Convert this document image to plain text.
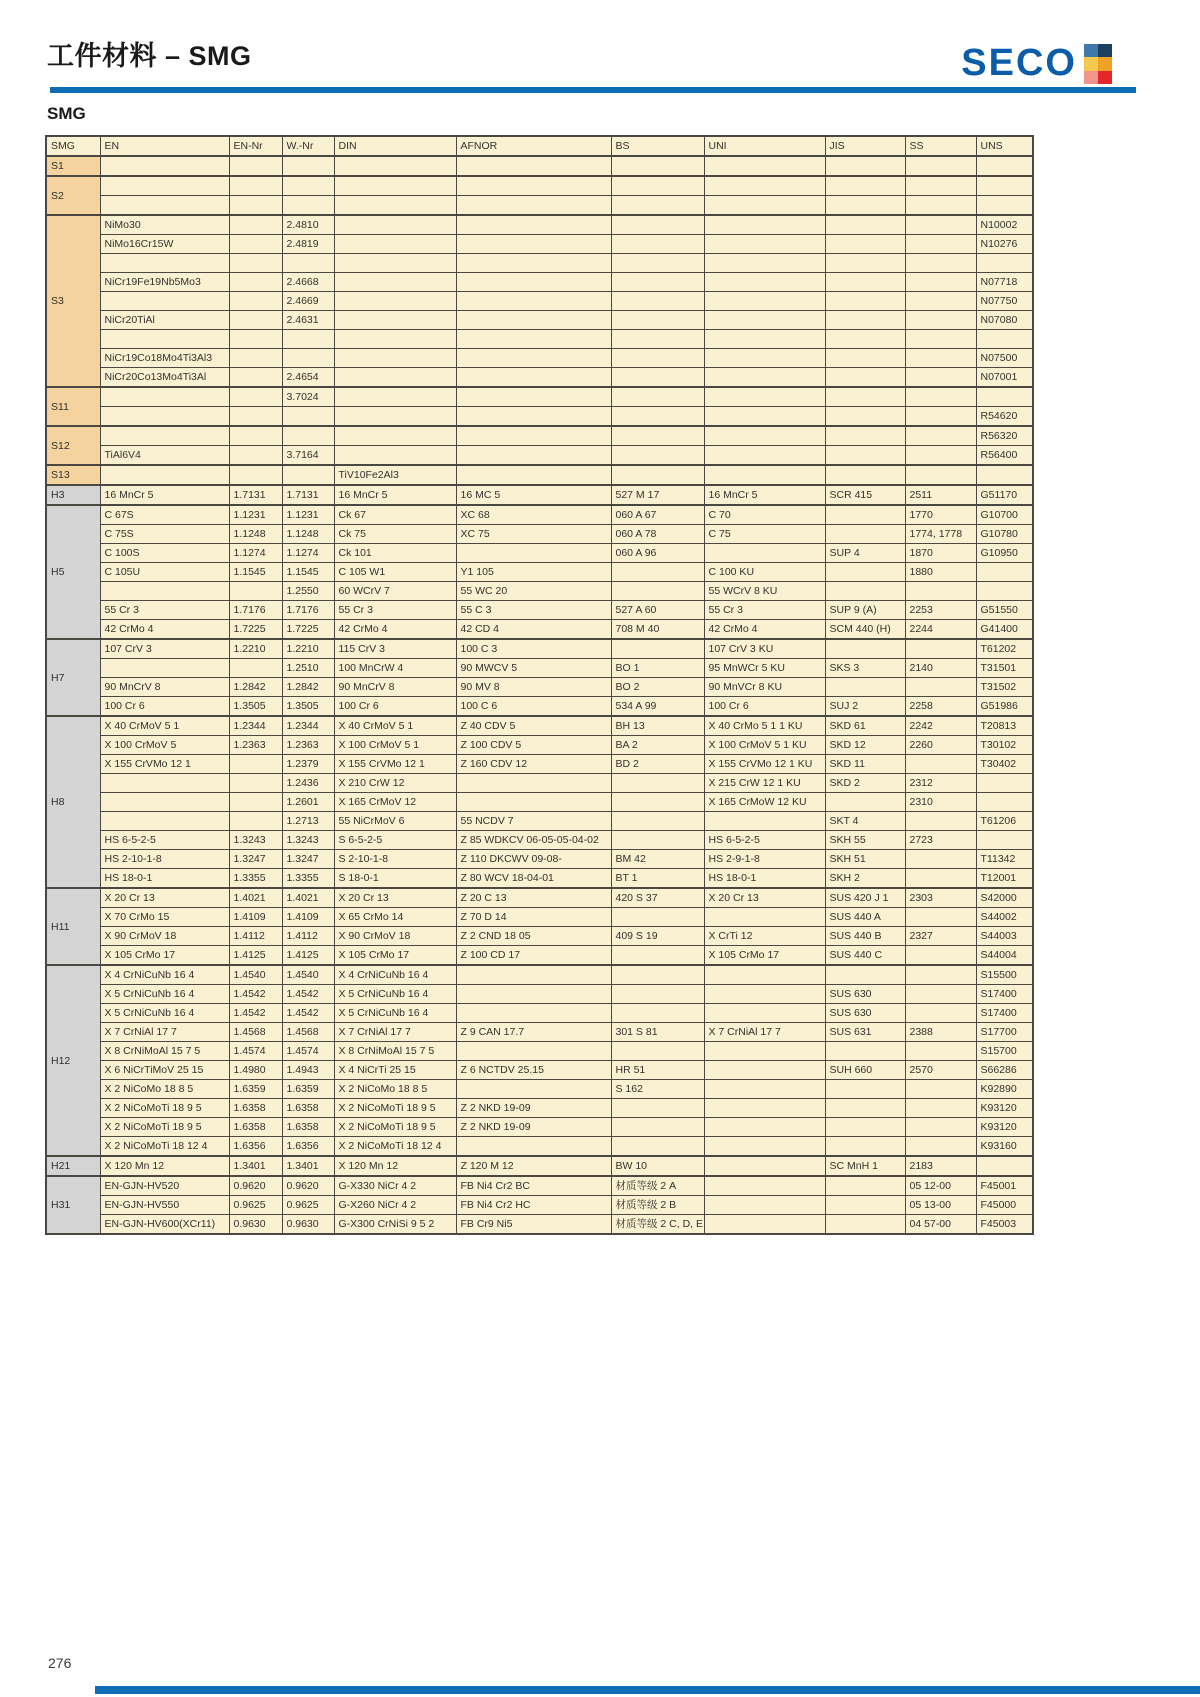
工件材料 – SMG	SECO
SMG
SMG	EN	EN-Nr	W.-Nr	DIN	AFNOR	BS	UNI	JIS	SS	UNS
S1										
S2										

S3	NiMo30		2.4810							N10002
	NiMo16Cr15W		2.4819							N10276

	NiCr19Fe19Nb5Mo3		2.4668							N07718
			2.4669							N07750
	NiCr20TiAl		2.4631							N07080

	NiCr19Co18Mo4Ti3Al3									N07500
	NiCr20Co13Mo4Ti3Al		2.4654							N07001
S11			3.7024							
										R54620
S12										R56320
	TiAl6V4		3.7164							R56400
S13				TiV10Fe2Al3						
H3	16 MnCr 5	1.7131	1.7131	16 MnCr 5	16 MC 5	527 M 17	16 MnCr 5	SCR 415	2511	G51170
H5	C 67S	1.1231	1.1231	Ck 67	XC 68	060 A 67	C 70		1770	G10700
	C 75S	1.1248	1.1248	Ck 75	XC 75	060 A 78	C 75		1774, 1778	G10780
	C 100S	1.1274	1.1274	Ck 101		060 A 96		SUP 4	1870	G10950
	C 105U	1.1545	1.1545	C 105 W1	Y1 105		C 100 KU		1880	
			1.2550	60 WCrV 7	55 WC 20		55 WCrV 8 KU			
	55 Cr 3	1.7176	1.7176	55 Cr 3	55 C 3	527 A 60	55 Cr 3	SUP 9 (A)	2253	G51550
	42 CrMo 4	1.7225	1.7225	42 CrMo 4	42 CD 4	708 M 40	42 CrMo 4	SCM 440 (H)	2244	G41400
H7	107 CrV 3	1.2210	1.2210	115 CrV 3	100 C 3		107 CrV 3 KU			T61202
			1.2510	100 MnCrW 4	90 MWCV 5	BO 1	95 MnWCr 5 KU	SKS 3	2140	T31501
	90 MnCrV 8	1.2842	1.2842	90 MnCrV 8	90 MV 8	BO 2	90 MnVCr 8 KU			T31502
	100 Cr 6	1.3505	1.3505	100 Cr 6	100 C 6	534 A 99	100 Cr 6	SUJ 2	2258	G51986
H8	X 40 CrMoV 5 1	1.2344	1.2344	X 40 CrMoV 5 1	Z 40 CDV 5	BH 13	X 40 CrMo 5 1 1 KU	SKD 61	2242	T20813
	X 100 CrMoV 5	1.2363	1.2363	X 100 CrMoV 5 1	Z 100 CDV 5	BA 2	X 100 CrMoV 5 1 KU	SKD 12	2260	T30102
	X 155 CrVMo 12 1		1.2379	X 155 CrVMo 12 1	Z 160 CDV 12	BD 2	X 155 CrVMo 12 1 KU	SKD 11		T30402
			1.2436	X 210 CrW 12			X 215 CrW 12 1 KU	SKD 2	2312	
			1.2601	X 165 CrMoV 12			X 165 CrMoW 12 KU		2310	
			1.2713	55 NiCrMoV 6	55 NCDV 7			SKT 4		T61206
	HS 6-5-2-5	1.3243	1.3243	S 6-5-2-5	Z 85 WDKCV 06-05-05-04-02		HS 6-5-2-5	SKH 55	2723	
	HS 2-10-1-8	1.3247	1.3247	S 2-10-1-8	Z 110 DKCWV 09-08-	BM 42	HS 2-9-1-8	SKH 51		T11342
	HS 18-0-1	1.3355	1.3355	S 18-0-1	Z 80 WCV 18-04-01	BT 1	HS 18-0-1	SKH 2		T12001
H11	X 20 Cr 13	1.4021	1.4021	X 20 Cr 13	Z 20 C 13	420 S 37	X 20 Cr 13	SUS 420 J 1	2303	S42000
	X 70 CrMo 15	1.4109	1.4109	X 65 CrMo 14	Z 70 D 14			SUS 440 A		S44002
	X 90 CrMoV 18	1.4112	1.4112	X 90 CrMoV 18	Z 2 CND 18 05	409 S 19	X CrTi 12	SUS 440 B	2327	S44003
	X 105 CrMo 17	1.4125	1.4125	X 105 CrMo 17	Z 100 CD 17		X 105 CrMo 17	SUS 440 C		S44004
H12	X 4 CrNiCuNb 16 4	1.4540	1.4540	X 4 CrNiCuNb 16 4						S15500
	X 5 CrNiCuNb 16 4	1.4542	1.4542	X 5 CrNiCuNb 16 4				SUS 630		S17400
	X 5 CrNiCuNb 16 4	1.4542	1.4542	X 5 CrNiCuNb 16 4				SUS 630		S17400
	X 7 CrNiAl 17 7	1.4568	1.4568	X 7 CrNiAl 17 7	Z 9 CAN 17.7	301 S 81	X 7 CrNiAl 17 7	SUS 631	2388	S17700
	X 8 CrNiMoAl 15 7 5	1.4574	1.4574	X 8 CrNiMoAl 15 7 5						S15700
	X 6 NiCrTiMoV 25 15	1.4980	1.4943	X 4 NiCrTi 25 15	Z 6 NCTDV 25.15	HR 51		SUH 660	2570	S66286
	X 2 NiCoMo 18 8 5	1.6359	1.6359	X 2 NiCoMo 18 8 5		S 162				K92890
	X 2 NiCoMoTi 18 9 5	1.6358	1.6358	X 2 NiCoMoTi 18 9 5	Z 2 NKD 19-09					K93120
	X 2 NiCoMoTi 18 9 5	1.6358	1.6358	X 2 NiCoMoTi 18 9 5	Z 2 NKD 19-09					K93120
	X 2 NiCoMoTi 18 12 4	1.6356	1.6356	X 2 NiCoMoTi 18 12 4						K93160
H21	X 120 Mn 12	1.3401	1.3401	X 120 Mn 12	Z 120 M 12	BW 10		SC MnH 1	2183	
H31	EN-GJN-HV520	0.9620	0.9620	G-X330 NiCr 4 2	FB Ni4 Cr2 BC	材质等级 2 A			05 12-00	F45001
	EN-GJN-HV550	0.9625	0.9625	G-X260 NiCr 4 2	FB Ni4 Cr2 HC	材质等级 2 B			05 13-00	F45000
	EN-GJN-HV600(XCr11)	0.9630	0.9630	G-X300 CrNiSi 9 5 2	FB Cr9 Ni5	材质等级 2 C, D, E			04 57-00	F45003
276
